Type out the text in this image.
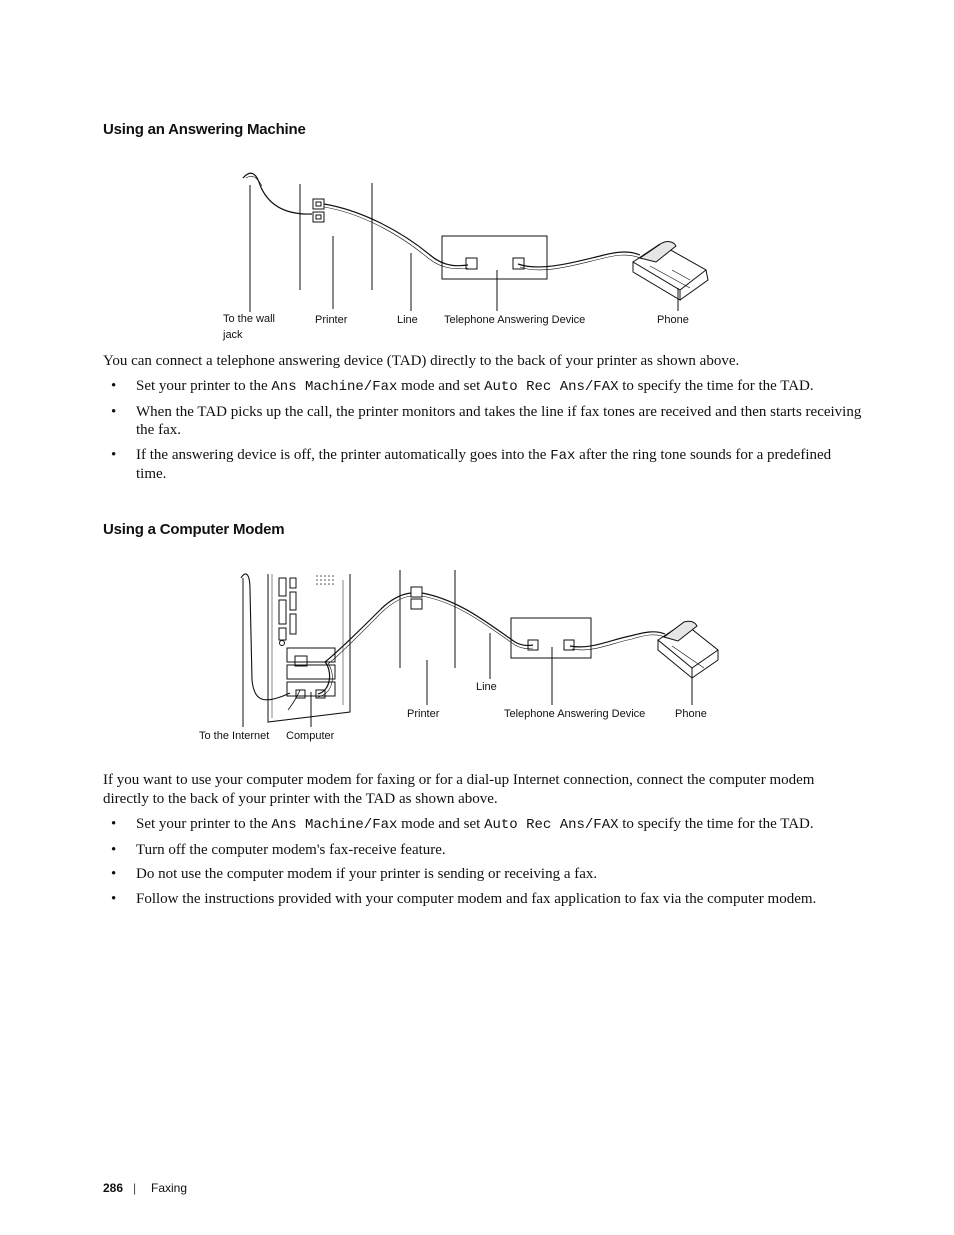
Using an Answering Machine
To the wall
jack
Printer	Line Telephone Answering Device	Phone

You can connect a telephone answering device (TAD) directly to the back of your printer as shown above.

• Set your printer to the Ans Machine/Fax mode and set Auto Rec Ans/FAX to specify the time for the TAD.
• When the TAD picks up the call, the printer monitors and takes the line if fax tones are received and then starts receiving the fax.
• If the answering device is off, the printer automatically goes into the Fax after the ring tone sounds for a predefined time.
Using a Computer Modem
Line
Printer	Telephone Answering Device	Phone
To the Internet Computer

If you want to use your computer modem for faxing or for a dial-up Internet connection, connect the computer modem directly to the back of your printer with the TAD as shown above.

• Set your printer to the Ans Machine/Fax mode and set Auto Rec Ans/FAX to specify the time for the TAD.
• Turn off the computer modem's fax-receive feature.
• Do not use the computer modem if your printer is sending or receiving a fax.
• Follow the instructions provided with your computer modem and fax application to fax via the computer modem.
286 | Faxing
